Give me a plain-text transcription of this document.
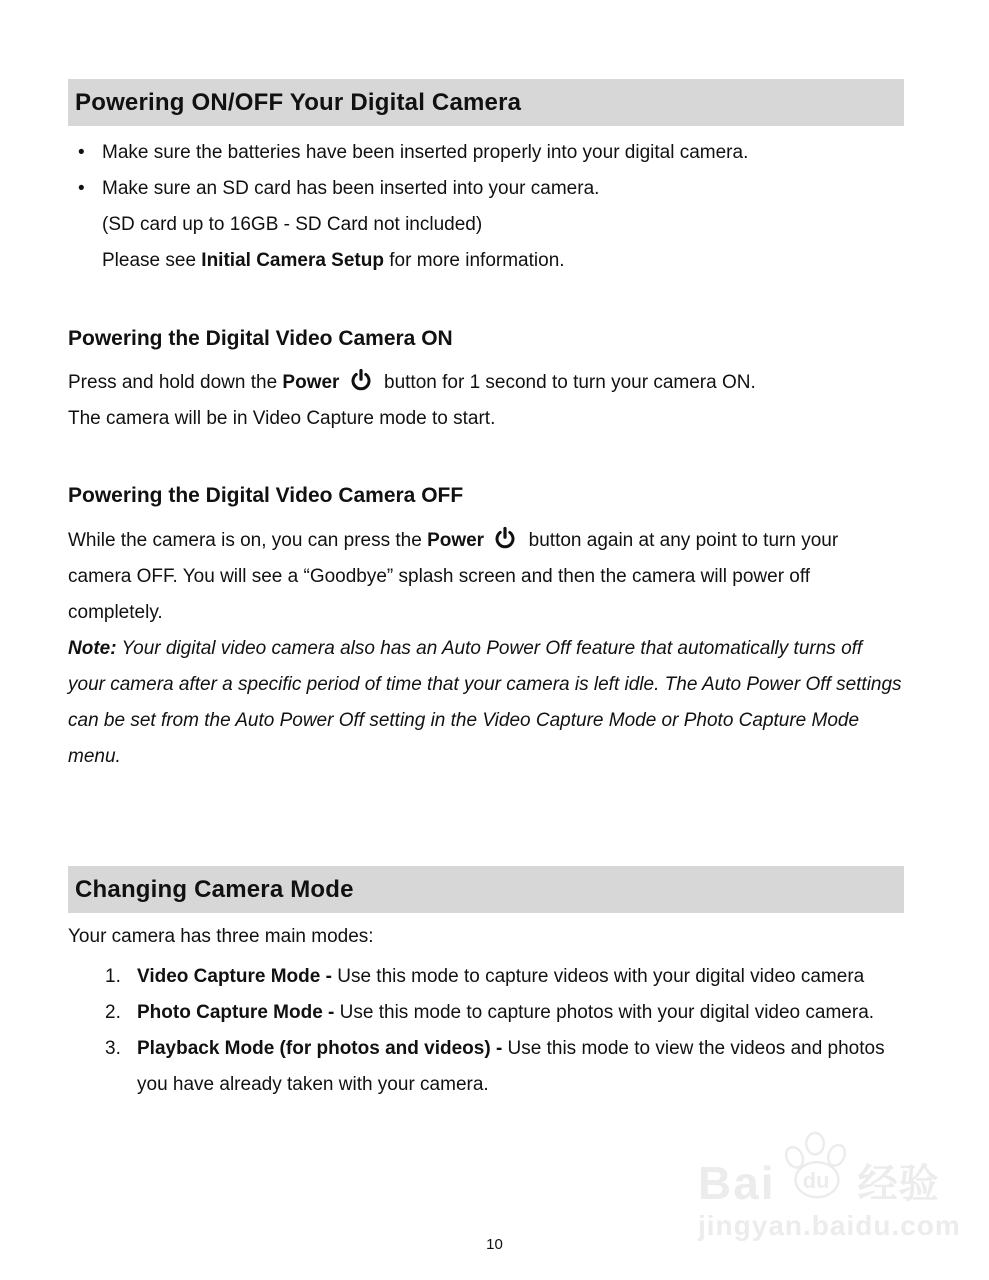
Powering ON/OFF Your Digital Camera
• Make sure the batteries have been inserted properly into your digital camera.
• Make sure an SD card has been inserted into your camera.
(SD card up to 16GB - SD Card not included)
Please see Initial Camera Setup for more information.
Powering the Digital Video Camera ON
Press and hold down the Power  button for 1 second to turn your camera ON.
The camera will be in Video Capture mode to start.
Powering the Digital Video Camera OFF
While the camera is on, you can press the Power  button again at any point to turn your camera OFF. You will see a “Goodbye” splash screen and then the camera will power off completely.
Note: Your digital video camera also has an Auto Power Off feature that automatically turns off your camera after a specific period of time that your camera is left idle. The Auto Power Off settings can be set from the Auto Power Off setting in the Video Capture Mode or Photo Capture Mode menu.
Changing Camera Mode
Your camera has three main modes:
1. Video Capture Mode - Use this mode to capture videos with your digital video camera
2. Photo Capture Mode - Use this mode to capture photos with your digital video camera.
3. Playback Mode (for photos and videos) - Use this mode to view the videos and photos you have already taken with your camera.
Bai du 经验
jingyan.baidu.com
10
